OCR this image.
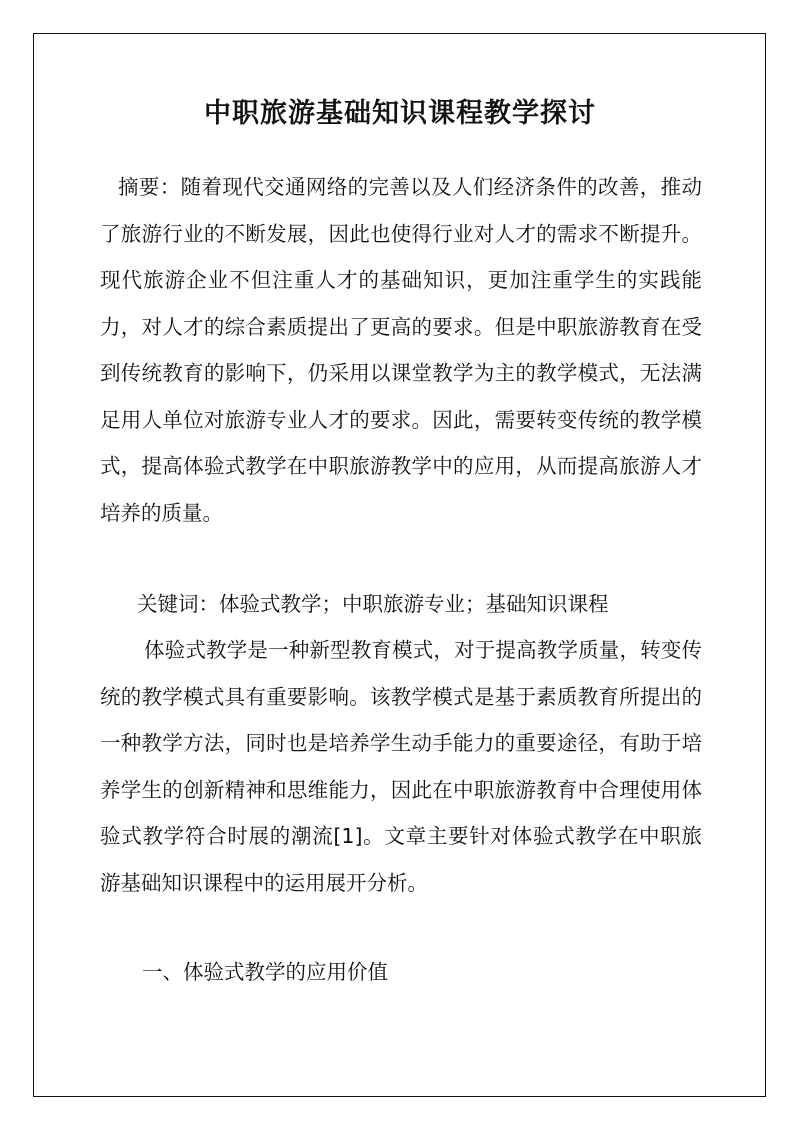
中职旅游基础知识课程教学探讨

摘要：随着现代交通网络的完善以及人们经济条件的改善，推动了旅游行业的不断发展，因此也使得行业对人才的需求不断提升。现代旅游企业不但注重人才的基础知识，更加注重学生的实践能力，对人才的综合素质提出了更高的要求。但是中职旅游教育在受到传统教育的影响下，仍采用以课堂教学为主的教学模式，无法满足用人单位对旅游专业人才的要求。因此，需要转变传统的教学模式，提高体验式教学在中职旅游教学中的应用，从而提高旅游人才培养的质量。

关键词：体验式教学；中职旅游专业；基础知识课程

体验式教学是一种新型教育模式，对于提高教学质量，转变传统的教学模式具有重要影响。该教学模式是基于素质教育所提出的一种教学方法，同时也是培养学生动手能力的重要途径，有助于培养学生的创新精神和思维能力，因此在中职旅游教育中合理使用体验式教学符合时展的潮流[1]。文章主要针对体验式教学在中职旅游基础知识课程中的运用展开分析。

一、体验式教学的应用价值
